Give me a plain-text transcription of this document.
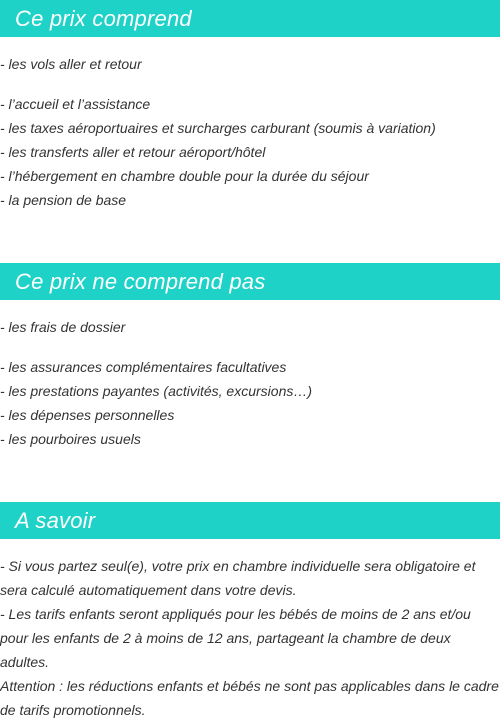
Ce prix comprend
- les vols aller et retour
- l’accueil et l’assistance
- les taxes aéroportuaires et surcharges carburant (soumis à variation)
- les transferts aller et retour aéroport/hôtel
- l’hébergement en chambre double pour la durée du séjour
- la pension de base
Ce prix ne comprend pas
- les frais de dossier
- les assurances complémentaires facultatives
- les prestations payantes (activités, excursions…)
- les dépenses personnelles
- les pourboires usuels
A savoir
- Si vous partez seul(e), votre prix en chambre individuelle sera obligatoire et sera calculé automatiquement dans votre devis.
- Les tarifs enfants seront appliqués pour les bébés de moins de 2 ans et/ou pour les enfants de 2 à moins de 12 ans, partageant la chambre de deux adultes.
Attention : les réductions enfants et bébés ne sont pas applicables dans le cadre de tarifs promotionnels.
